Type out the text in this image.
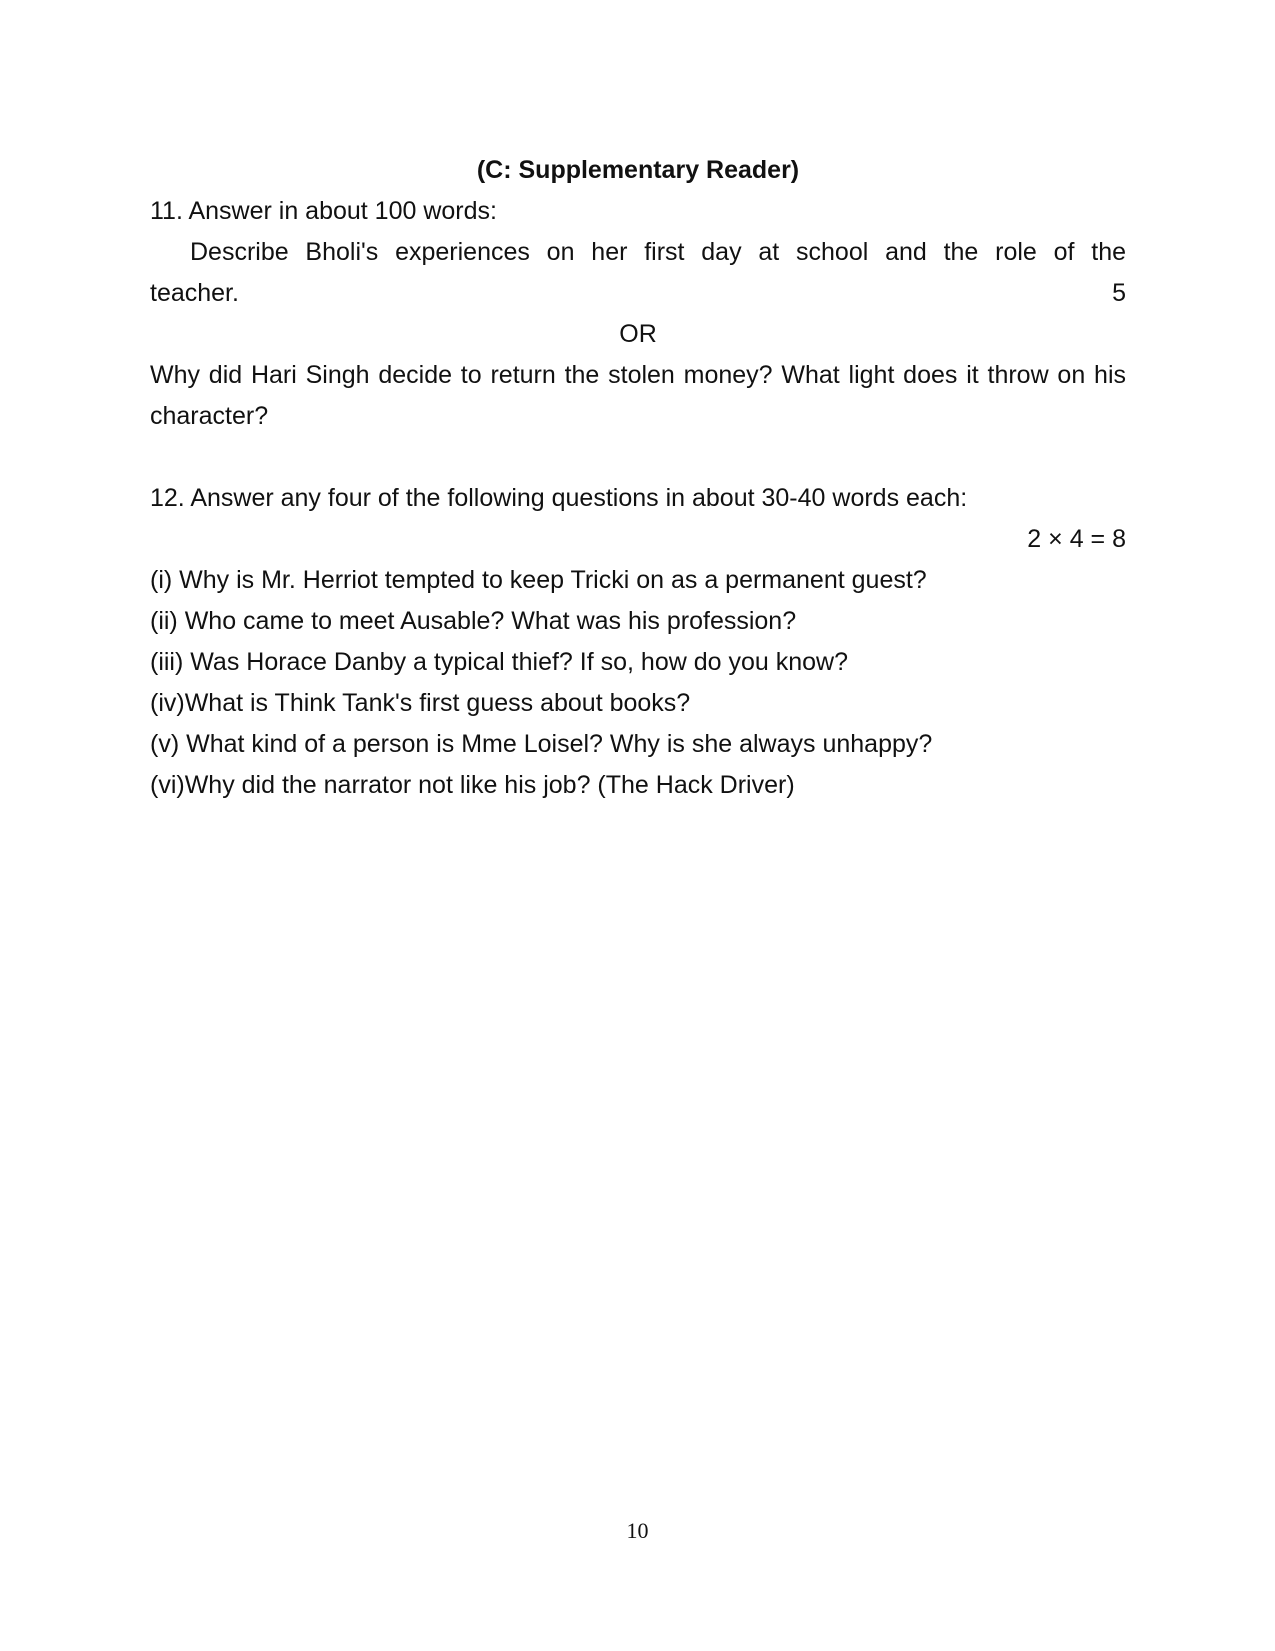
(C: Supplementary Reader)
11. Answer in about 100 words:
Describe Bholi's experiences on her first day at school and the role of the
teacher.	5
OR
Why did Hari Singh decide to return the stolen money? What light does it throw on his character?
12. Answer any four of the following questions in about 30-40 words each:
2 × 4 = 8
(i) Why is Mr. Herriot tempted to keep Tricki on as a permanent guest?
(ii) Who came to meet Ausable? What was his profession?
(iii) Was Horace Danby a typical thief? If so, how do you know?
(iv)What is Think Tank's first guess about books?
(v) What kind of a person is Mme Loisel? Why is she always unhappy?
(vi)Why did the narrator not like his job? (The Hack Driver)
10
